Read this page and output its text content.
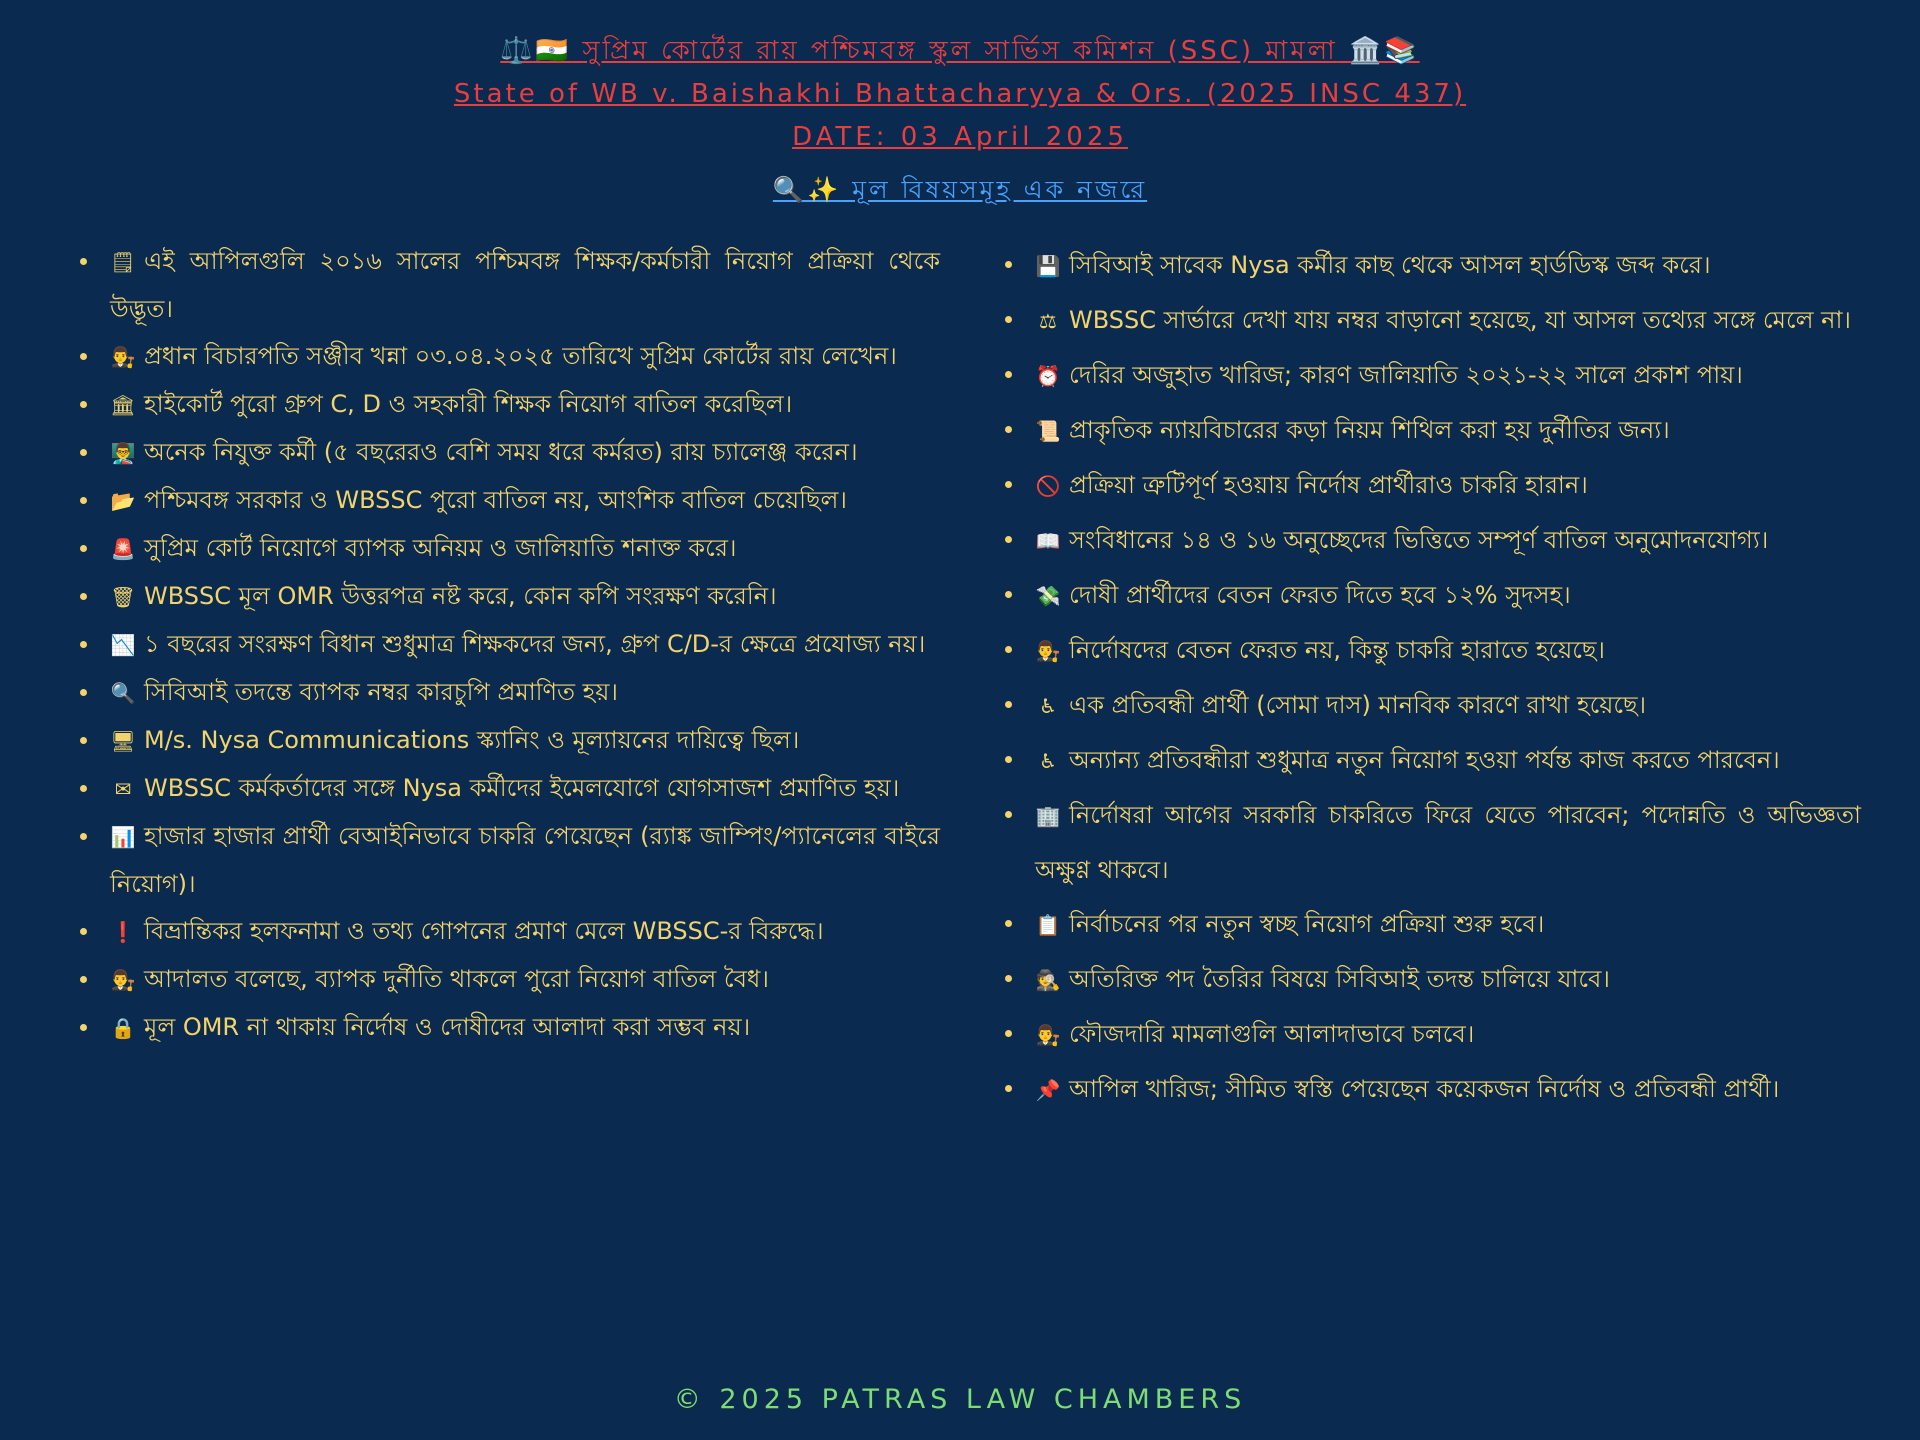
⚖️🇮🇳 সুপ্রিম কোর্টের রায় পশ্চিমবঙ্গ স্কুল সার্ভিস কমিশন (SSC) মামলা 🏛️📚
State of WB v. Baishakhi Bhattacharyya & Ors. (2025 INSC 437)
DATE: 03 April 2025
🔍✨ মূল বিষয়সমূহ এক নজরে
🗒 এই আপিলগুলি ২০১৬ সালের পশ্চিমবঙ্গ শিক্ষক/কর্মচারী নিয়োগ প্রক্রিয়া থেকে উদ্ভূত।
👨‍⚖️ প্রধান বিচারপতি সঞ্জীব খন্না ০৩.০৪.২০২৫ তারিখে সুপ্রিম কোর্টের রায় লেখেন।
🏛 হাইকোর্ট পুরো গ্রুপ C, D ও সহকারী শিক্ষক নিয়োগ বাতিল করেছিল।
👨‍🏫 অনেক নিযুক্ত কর্মী (৫ বছরেরও বেশি সময় ধরে কর্মরত) রায় চ্যালেঞ্জ করেন।
📂 পশ্চিমবঙ্গ সরকার ও WBSSC পুরো বাতিল নয়, আংশিক বাতিল চেয়েছিল।
🚨 সুপ্রিম কোর্ট নিয়োগে ব্যাপক অনিয়ম ও জালিয়াতি শনাক্ত করে।
🗑 WBSSC মূল OMR উত্তরপত্র নষ্ট করে, কোন কপি সংরক্ষণ করেনি।
📉 ১ বছরের সংরক্ষণ বিধান শুধুমাত্র শিক্ষকদের জন্য, গ্রুপ C/D-র ক্ষেত্রে প্রযোজ্য নয়।
🔍 সিবিআই তদন্তে ব্যাপক নম্বর কারচুপি প্রমাণিত হয়।
🖥 M/s. Nysa Communications স্ক্যানিং ও মূল্যায়নের দায়িত্বে ছিল।
✉ WBSSC কর্মকর্তাদের সঙ্গে Nysa কর্মীদের ইমেলযোগে যোগসাজশ প্রমাণিত হয়।
📊 হাজার হাজার প্রার্থী বেআইনিভাবে চাকরি পেয়েছেন (র‍্যাঙ্ক জাম্পিং/প্যানেলের বাইরে নিয়োগ)।
❗ বিভ্রান্তিকর হলফনামা ও তথ্য গোপনের প্রমাণ মেলে WBSSC-র বিরুদ্ধে।
👨‍⚖️ আদালত বলেছে, ব্যাপক দুর্নীতি থাকলে পুরো নিয়োগ বাতিল বৈধ।
🔒 মূল OMR না থাকায় নির্দোষ ও দোষীদের আলাদা করা সম্ভব নয়।
💾 সিবিআই সাবেক Nysa কর্মীর কাছ থেকে আসল হার্ডডিস্ক জব্দ করে।
⚖ WBSSC সার্ভারে দেখা যায় নম্বর বাড়ানো হয়েছে, যা আসল তথ্যের সঙ্গে মেলে না।
⏰ দেরির অজুহাত খারিজ; কারণ জালিয়াতি ২০২১-২২ সালে প্রকাশ পায়।
📜 প্রাকৃতিক ন্যায়বিচারের কড়া নিয়ম শিথিল করা হয় দুর্নীতির জন্য।
🚫 প্রক্রিয়া ত্রুটিপূর্ণ হওয়ায় নির্দোষ প্রার্থীরাও চাকরি হারান।
📖 সংবিধানের ১৪ ও ১৬ অনুচ্ছেদের ভিত্তিতে সম্পূর্ণ বাতিল অনুমোদনযোগ্য।
💸 দোষী প্রার্থীদের বেতন ফেরত দিতে হবে ১২% সুদসহ।
👨‍⚖️ নির্দোষদের বেতন ফেরত নয়, কিন্তু চাকরি হারাতে হয়েছে।
♿ এক প্রতিবন্ধী প্রার্থী (সোমা দাস) মানবিক কারণে রাখা হয়েছে।
♿ অন্যান্য প্রতিবন্ধীরা শুধুমাত্র নতুন নিয়োগ হওয়া পর্যন্ত কাজ করতে পারবেন।
🏢 নির্দোষরা আগের সরকারি চাকরিতে ফিরে যেতে পারবেন; পদোন্নতি ও অভিজ্ঞতা অক্ষুণ্ণ থাকবে।
📋 নির্বাচনের পর নতুন স্বচ্ছ নিয়োগ প্রক্রিয়া শুরু হবে।
🕵 অতিরিক্ত পদ তৈরির বিষয়ে সিবিআই তদন্ত চালিয়ে যাবে।
👨‍⚖️ ফৌজদারি মামলাগুলি আলাদাভাবে চলবে।
📌 আপিল খারিজ; সীমিত স্বস্তি পেয়েছেন কয়েকজন নির্দোষ ও প্রতিবন্ধী প্রার্থী।
© 2025 PATRAS LAW CHAMBERS
